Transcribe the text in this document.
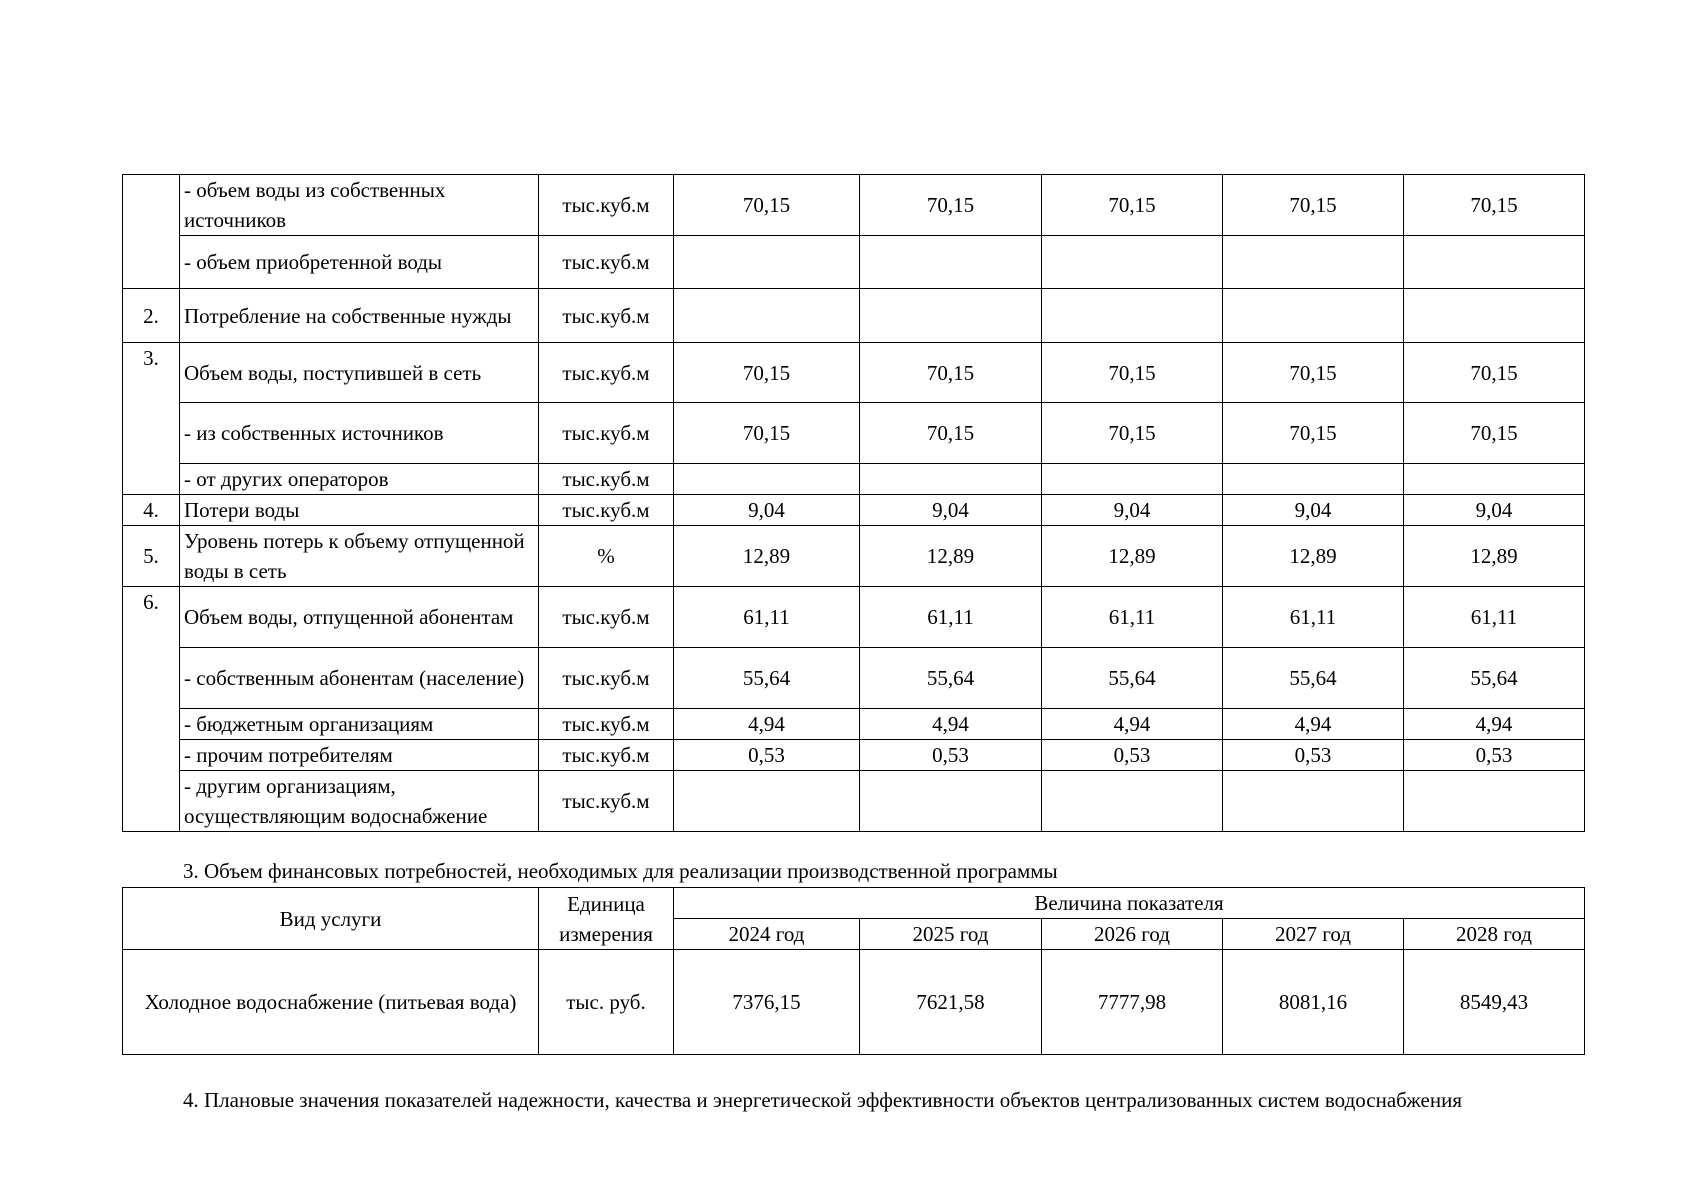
	- объем воды из собственных источников	тыс.куб.м	70,15	70,15	70,15	70,15	70,15
	- объем приобретенной воды	тыс.куб.м					
2.	Потребление на собственные нужды	тыс.куб.м					
3.	Объем воды, поступившей в сеть	тыс.куб.м	70,15	70,15	70,15	70,15	70,15
	- из собственных источников	тыс.куб.м	70,15	70,15	70,15	70,15	70,15
	- от других операторов	тыс.куб.м					
4.	Потери воды	тыс.куб.м	9,04	9,04	9,04	9,04	9,04
5.	Уровень потерь к объему отпущенной воды в сеть	%	12,89	12,89	12,89	12,89	12,89
6.	Объем воды, отпущенной абонентам	тыс.куб.м	61,11	61,11	61,11	61,11	61,11
	- собственным абонентам (население)	тыс.куб.м	55,64	55,64	55,64	55,64	55,64
	- бюджетным организациям	тыс.куб.м	4,94	4,94	4,94	4,94	4,94
	- прочим потребителям	тыс.куб.м	0,53	0,53	0,53	0,53	0,53
	- другим организациям, осуществляющим водоснабжение	тыс.куб.м					

3. Объем финансовых потребностей, необходимых для реализации производственной программы

Вид услуги	Единица измерения	Величина показателя				
		2024 год	2025 год	2026 год	2027 год	2028 год
Холодное водоснабжение (питьевая вода)	тыс. руб.	7376,15	7621,58	7777,98	8081,16	8549,43

4. Плановые значения показателей надежности, качества и энергетической эффективности объектов централизованных систем водоснабжения
